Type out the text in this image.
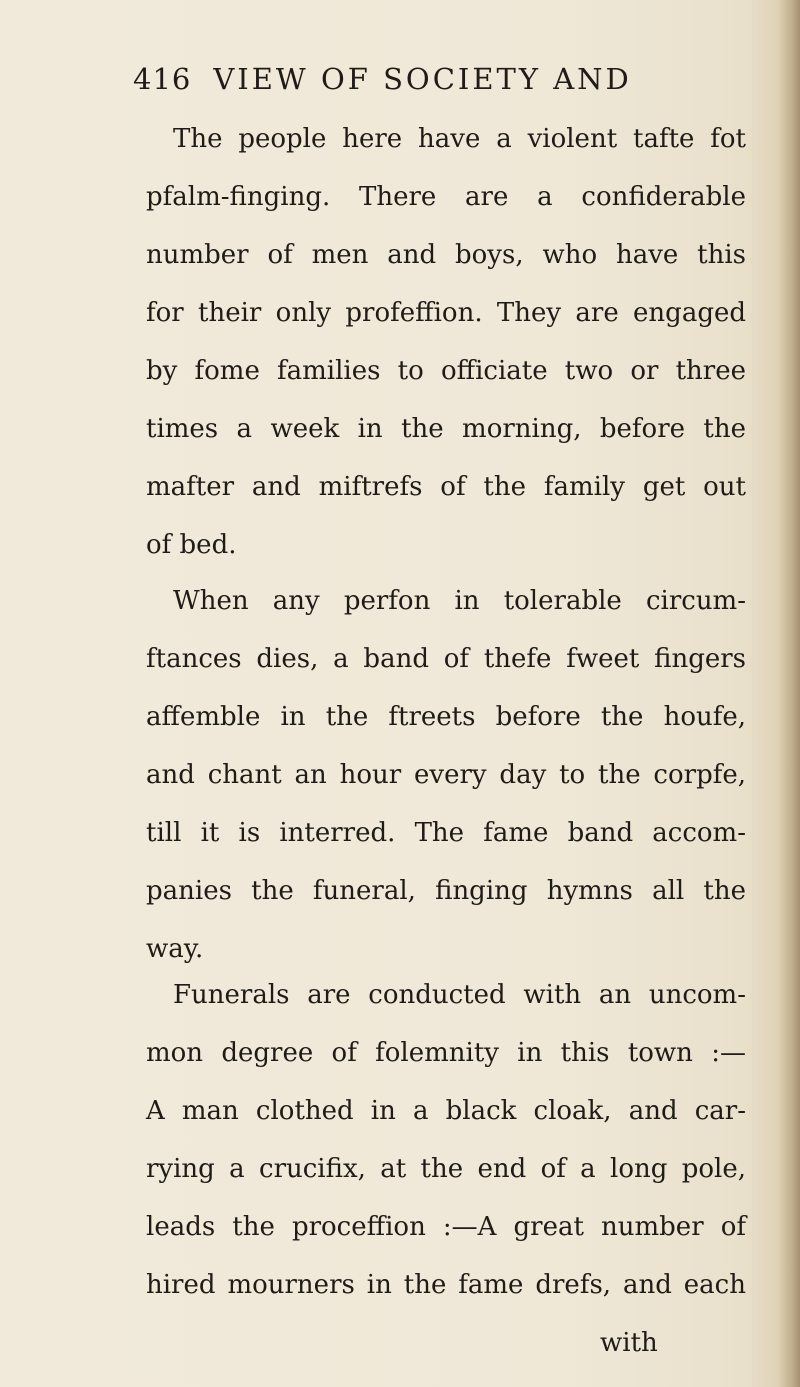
416 VIEW OF SOCIETY AND
The people here have a violent tafte fot
pfalm-finging. There are a confiderable
number of men and boys, who have this
for their only profeffion. They are engaged
by fome families to officiate two or three
times a week in the morning, before the
mafter and miftrefs of the family get out
of bed.
When any perfon in tolerable circum-
ftances dies, a band of thefe fweet fingers
affemble in the ftreets before the houfe,
and chant an hour every day to the corpfe,
till it is interred. The fame band accom-
panies the funeral, finging hymns all the
way.
Funerals are conducted with an uncom-
mon degree of folemnity in this town :—
A man clothed in a black cloak, and car-
rying a crucifix, at the end of a long pole,
leads the proceffion :—A great number of
hired mourners in the fame drefs, and each
with
